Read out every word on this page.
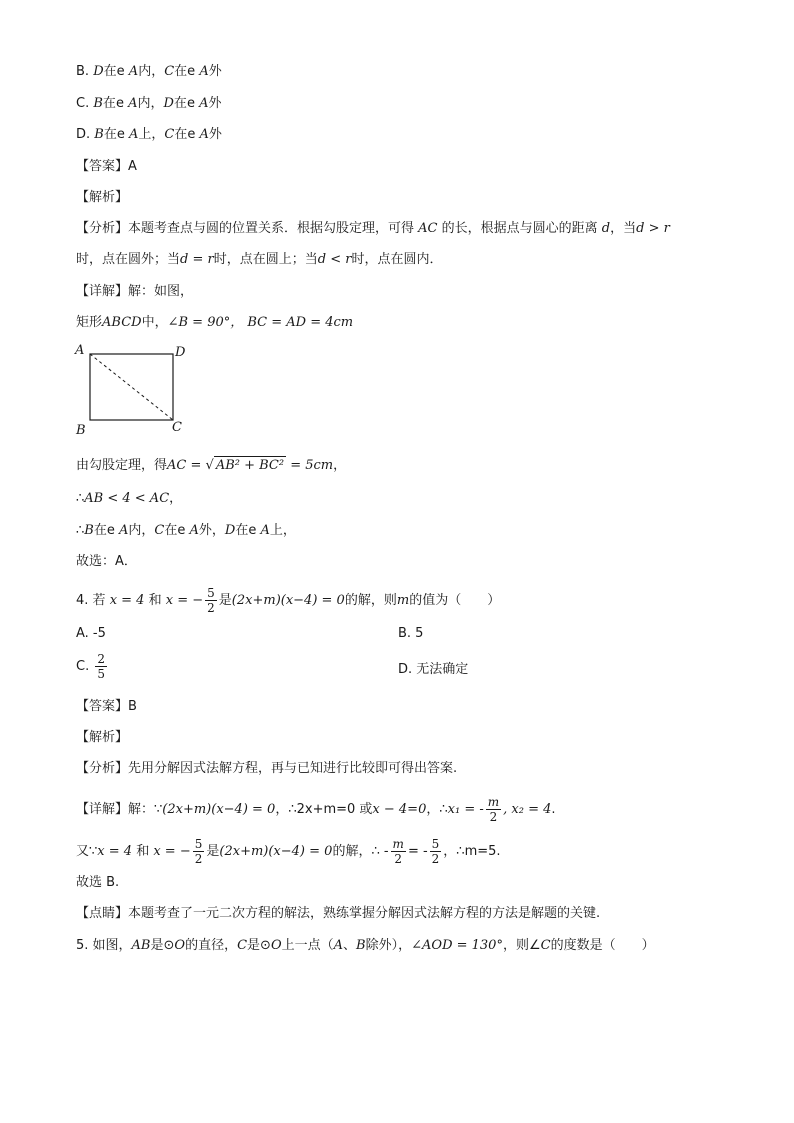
B. D在e A内，C在e A外
C. B在e A内，D在e A外
D. B在e A上，C在e A外
【答案】A
【解析】
【分析】本题考查点与圆的位置关系．根据勾股定理，可得 AC 的长，根据点与圆心的距离 d，当d > r
时，点在圆外；当d = r时，点在圆上；当d < r时，点在圆内．
【详解】解：如图，
矩形ABCD中，∠B = 90°， BC = AD = 4cm
A	D
B	C
由勾股定理，得AC = √ AB² + BC² = 5cm，
∴AB < 4 < AC，
∴B在e A内，C在e A外，D在e A上，
故选：A．
4. 若 x = 4 和 x = − $\frac{5}{2}$ 是(2x+m)(x−4) = 0的解，则m的值为（　　）
A. -5	B. 5
C. $\frac{2}{5}$	D. 无法确定
【答案】B
【解析】
【分析】先用分解因式法解方程，再与已知进行比较即可得出答案.
【详解】解：∵(2x+m)(x−4) = 0，∴2x+m=0 或x − 4=0，∴x₁ = - $\frac{m}{2}$ , x₂ = 4.
又∵x = 4 和 x = − $\frac{5}{2}$ 是(2x+m)(x−4) = 0的解，∴ - $\frac{m}{2}$ = - $\frac{5}{2}$ ，∴m=5.
故选 B.
【点睛】本题考查了一元二次方程的解法，熟练掌握分解因式法解方程的方法是解题的关键.
5. 如图，AB是⊙O的直径，C是⊙O上一点（A、B除外），∠AOD = 130°，则∠C的度数是（　　）
